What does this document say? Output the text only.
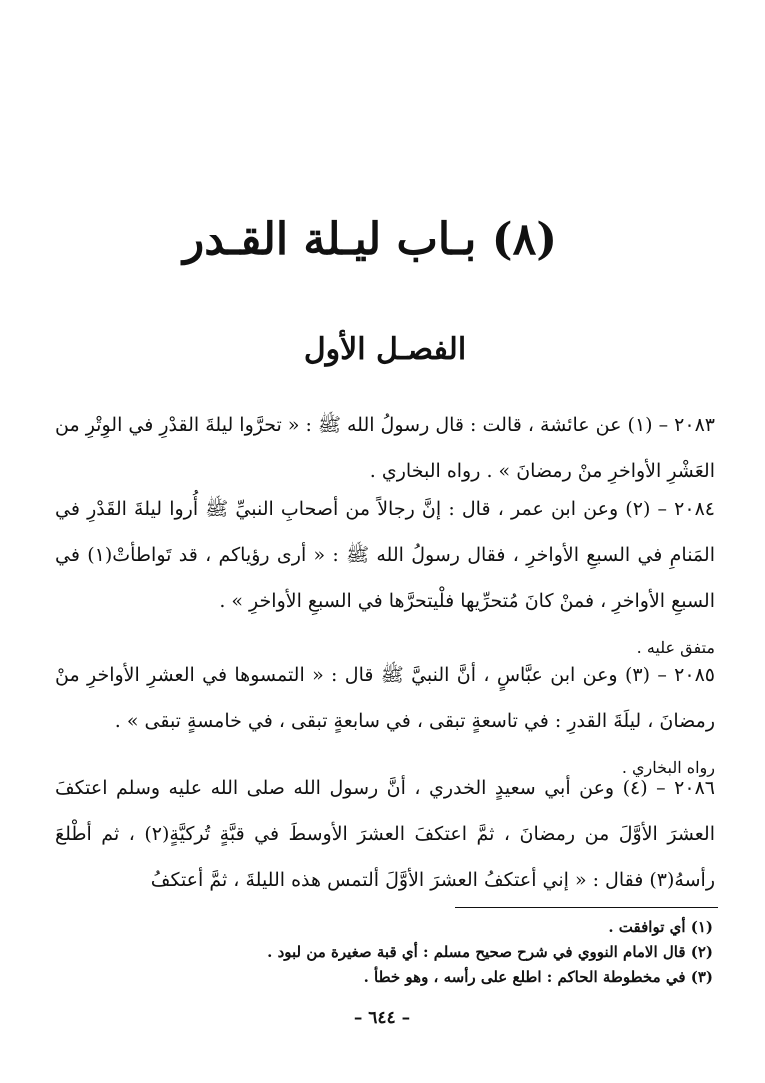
(٨) بـاب ليـلة القـدر
الفصـل الأول
٢٠٨٣ – (١) عن عائشة ، قالت : قال رسولُ الله ﷺ : « تحرَّوا ليلةَ القدْرِ في الوِتْرِ من العَشْرِ الأواخرِ منْ رمضانَ » . رواه البخاري .
٢٠٨٤ – (٢) وعن ابن عمر ، قال : إنَّ رجالاً من أصحابِ النبيِّ ﷺ أُروا ليلةَ القَدْرِ في المَنامِ في السبعِ الأواخرِ ، فقال رسولُ الله ﷺ : « أرى رؤياكم ، قد تَواطأتْ(١) في السبعِ الأواخرِ ، فمنْ كانَ مُتحرِّيها فلْيتحرَّها في السبعِ الأواخرِ » .
متفق عليه .
٢٠٨٥ – (٣) وعن ابن عبَّاسٍ ، أنَّ النبيَّ ﷺ قال : « التمسوها في العشرِ الأواخرِ منْ رمضانَ ، ليلَةَ القدرِ : في تاسعةٍ تبقى ، في سابعةٍ تبقى ، في خامسةٍ تبقى » .
رواه البخاري .
٢٠٨٦ – (٤) وعن أبي سعيدٍ الخدري ، أنَّ رسول الله صلى الله عليه وسلم اعتكفَ العشرَ الأوَّلَ من رمضانَ ، ثمَّ اعتكفَ العشرَ الأوسطَ في قبَّةٍ تُركيَّةٍ(٢) ، ثم أطْلعَ رأسهُ(٣) فقال : « إني أعتكفُ العشرَ الأوَّلَ ألتمس هذه الليلةَ ، ثمَّ أعتكفُ
(١) أي توافقت .
(٢) قال الامام النووي في شرح صحيح مسلم : أي قبة صغيرة من لبود .
(٣) في مخطوطة الحاكم : اطلع على رأسه ، وهو خطأ .
– ٦٤٤ –
